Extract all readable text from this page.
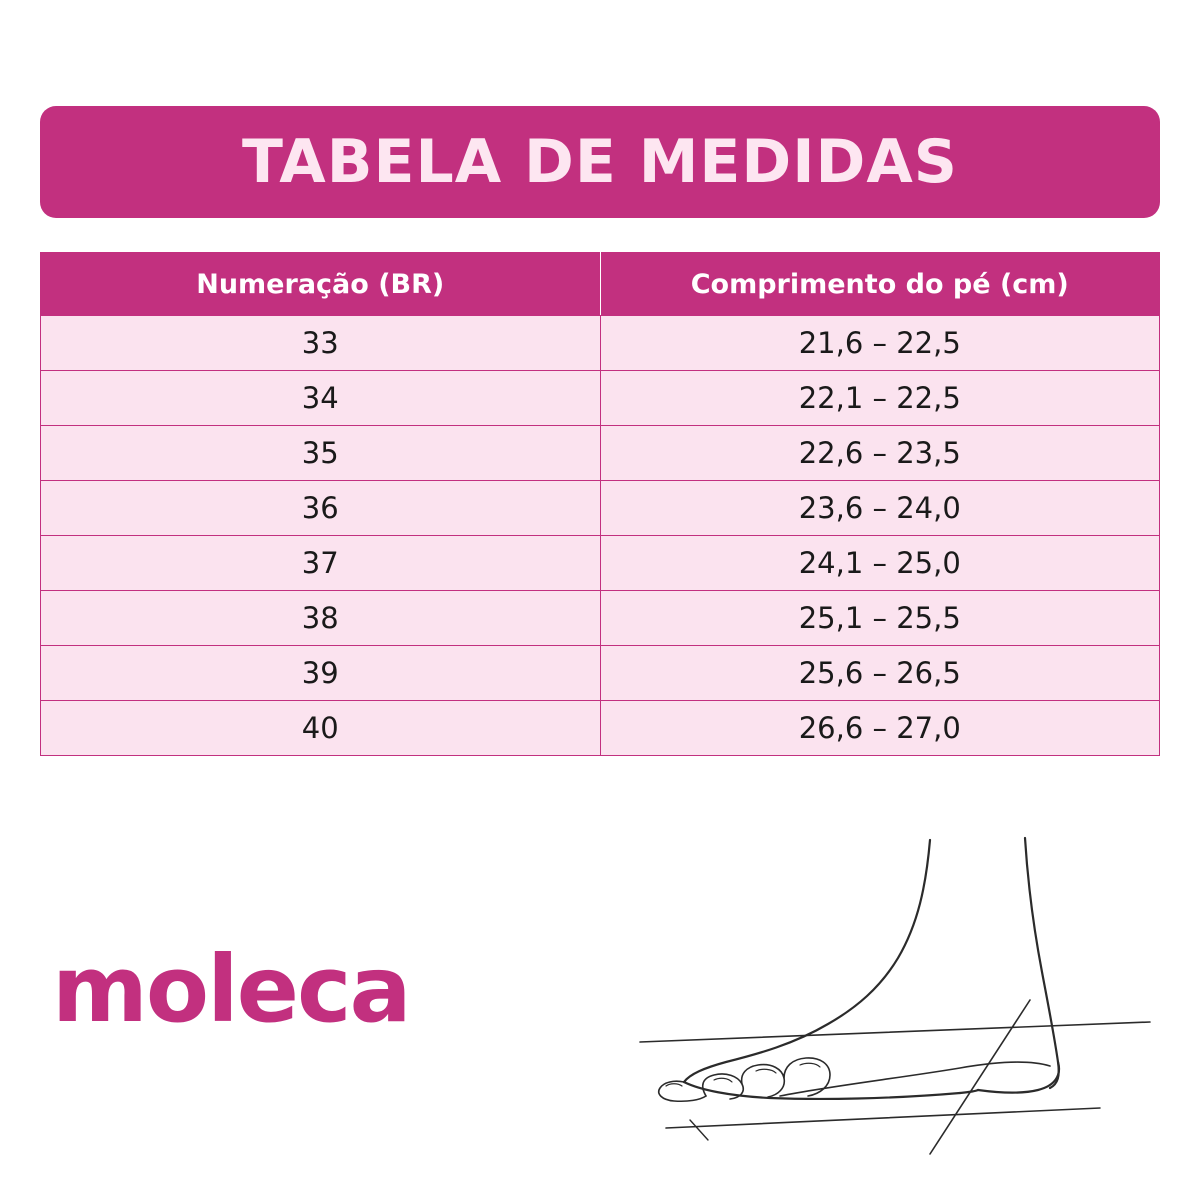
TABELA DE MEDIDAS
Numeração (BR)	Comprimento do pé (cm)
33	21,6 – 22,5
34	22,1 – 22,5
35	22,6 – 23,5
36	23,6 – 24,0
37	24,1 – 25,0
38	25,1 – 25,5
39	25,6 – 26,5
40	26,6 – 27,0
moleca
